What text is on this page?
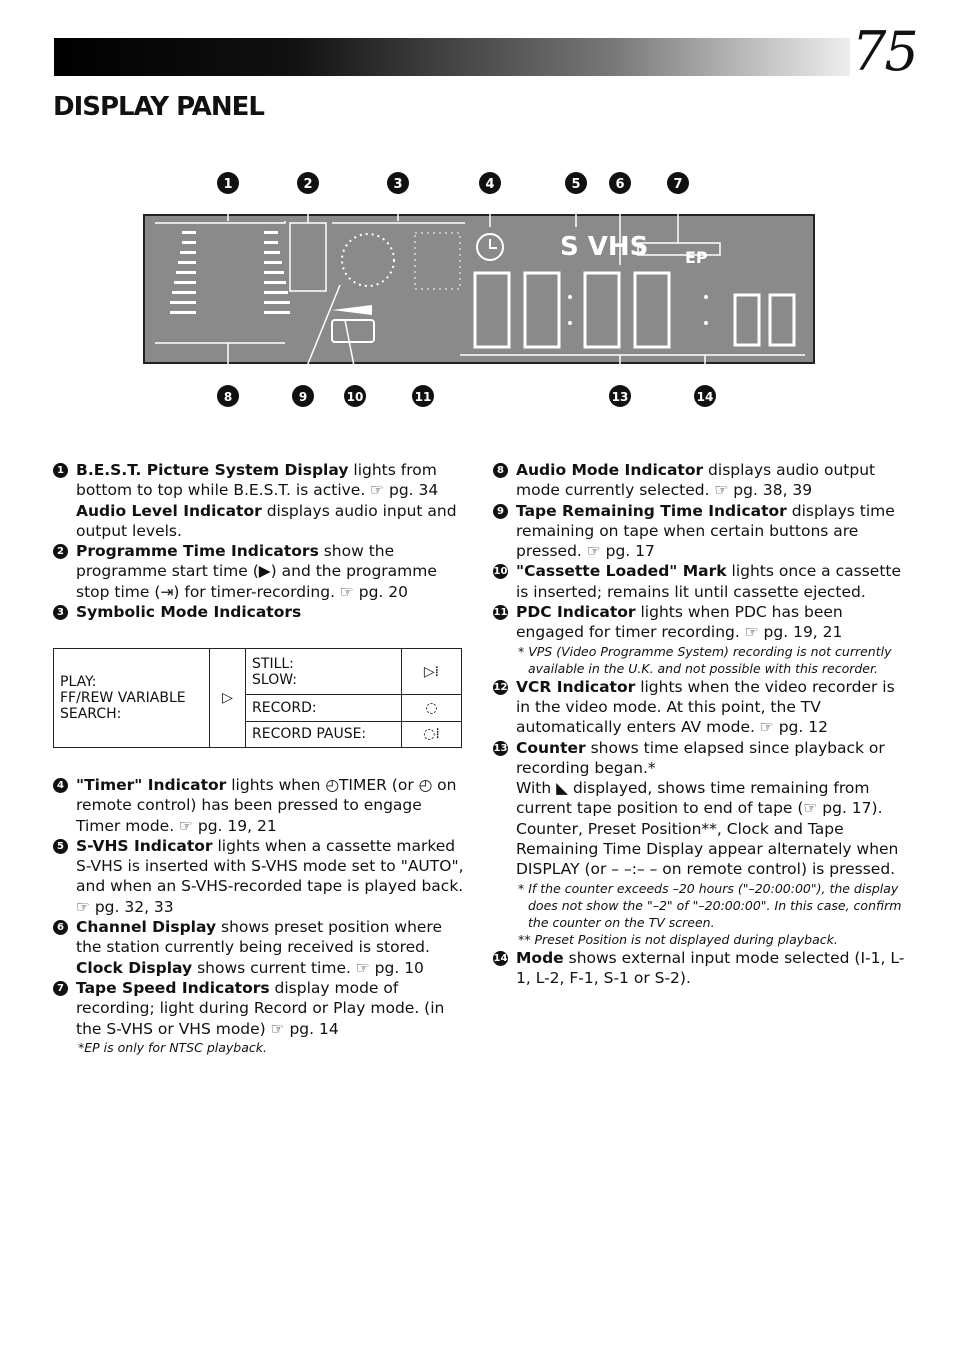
75
DISPLAY PANEL
1	2	3	4	5	6	7
S VHS EP
8	9	10	11	13	14
1 B.E.S.T. Picture System Display lights from bottom to top while B.E.S.T. is active. ☞ pg. 34
Audio Level Indicator displays audio input and output levels.
2 Programme Time Indicators show the programme start time (▶) and the programme stop time (⇥) for timer-recording. ☞ pg. 20
3 Symbolic Mode Indicators
PLAY:
FF/REW VARIABLE
SEARCH:	▷	STILL:
SLOW:	▷⁞
		RECORD:	◌
		RECORD PAUSE:	◌⁞
4 "Timer" Indicator lights when ◴TIMER (or ◴ on remote control) has been pressed to engage Timer mode. ☞ pg. 19, 21
5 S-VHS Indicator lights when a cassette marked S-VHS is inserted with S-VHS mode set to "AUTO", and when an S-VHS-recorded tape is played back. ☞ pg. 32, 33
6 Channel Display shows preset position where the station currently being received is stored.
Clock Display shows current time. ☞ pg. 10
7 Tape Speed Indicators display mode of recording; light during Record or Play mode. (in the S-VHS or VHS mode) ☞ pg. 14
*EP is only for NTSC playback.
8 Audio Mode Indicator displays audio output mode currently selected. ☞ pg. 38, 39
9 Tape Remaining Time Indicator displays time remaining on tape when certain buttons are pressed. ☞ pg. 17
10 "Cassette Loaded" Mark lights once a cassette is inserted; remains lit until cassette ejected.
11 PDC Indicator lights when PDC has been engaged for timer recording. ☞ pg. 19, 21
* VPS (Video Programme System) recording is not currently available in the U.K. and not possible with this recorder.
12 VCR Indicator lights when the video recorder is in the video mode. At this point, the TV automatically enters AV mode. ☞ pg. 12
13 Counter shows time elapsed since playback or recording began.*
With ◣ displayed, shows time remaining from current tape position to end of tape (☞ pg. 17). Counter, Preset Position**, Clock and Tape Remaining Time Display appear alternately when DISPLAY (or – –:– – on remote control) is pressed.
* If the counter exceeds –20 hours ("–20:00:00"), the display does not show the "–2" of "–20:00:00". In this case, confirm the counter on the TV screen.
** Preset Position is not displayed during playback.
14 Mode shows external input mode selected (I-1, L-1, L-2, F-1, S-1 or S-2).
